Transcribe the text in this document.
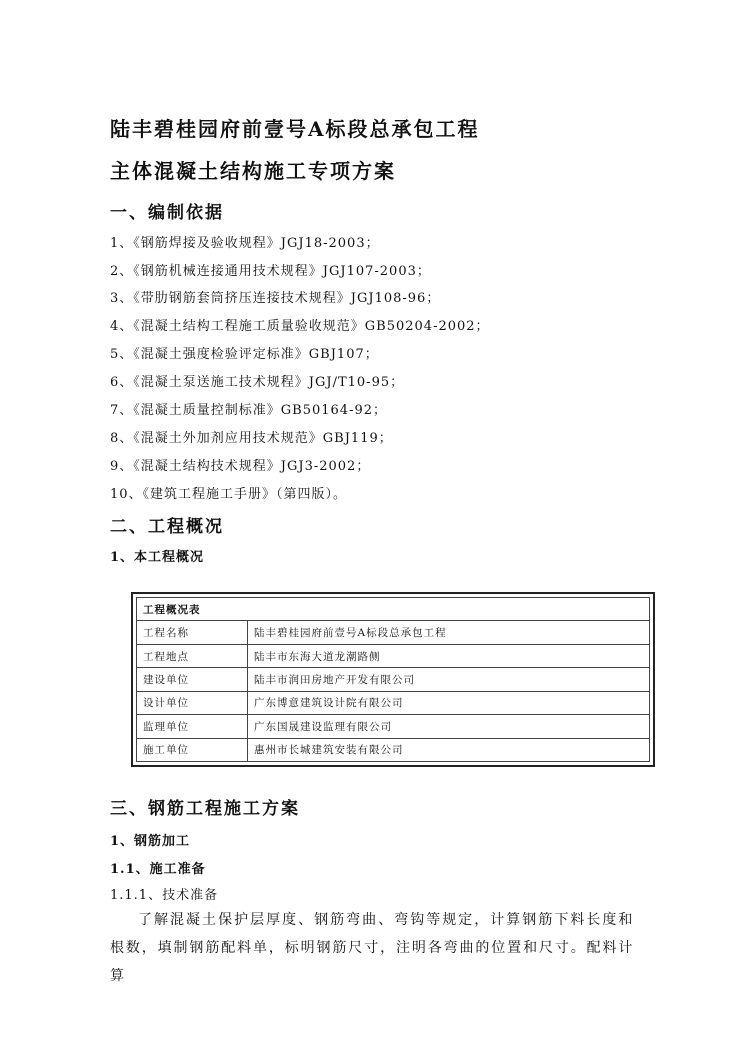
陆丰碧桂园府前壹号A标段总承包工程
主体混凝土结构施工专项方案
一、编制依据
1、《钢筋焊接及验收规程》JGJ18-2003；
2、《钢筋机械连接通用技术规程》JGJ107-2003；
3、《带肋钢筋套筒挤压连接技术规程》JGJ108-96；
4、《混凝土结构工程施工质量验收规范》GB50204-2002；
5、《混凝土强度检验评定标准》GBJ107；
6、《混凝土泵送施工技术规程》JGJ/T10-95；
7、《混凝土质量控制标准》GB50164-92；
8、《混凝土外加剂应用技术规范》GBJ119；
9、《混凝土结构技术规程》JGJ3-2002；
10、《建筑工程施工手册》（第四版）。
二、工程概况
1、本工程概况
工程概况表	
工程名称	陆丰碧桂园府前壹号A标段总承包工程
工程地点	陆丰市东海大道龙潮路侧
建设单位	陆丰市润田房地产开发有限公司
设计单位	广东博意建筑设计院有限公司
监理单位	广东国晟建设监理有限公司
施工单位	惠州市长城建筑安装有限公司
三、钢筋工程施工方案
1、钢筋加工
1.1、施工准备
1.1.1、技术准备
了解混凝土保护层厚度、钢筋弯曲、弯钩等规定，计算钢筋下料长度和根数，填制钢筋配料单，标明钢筋尺寸，注明各弯曲的位置和尺寸。配料计算
